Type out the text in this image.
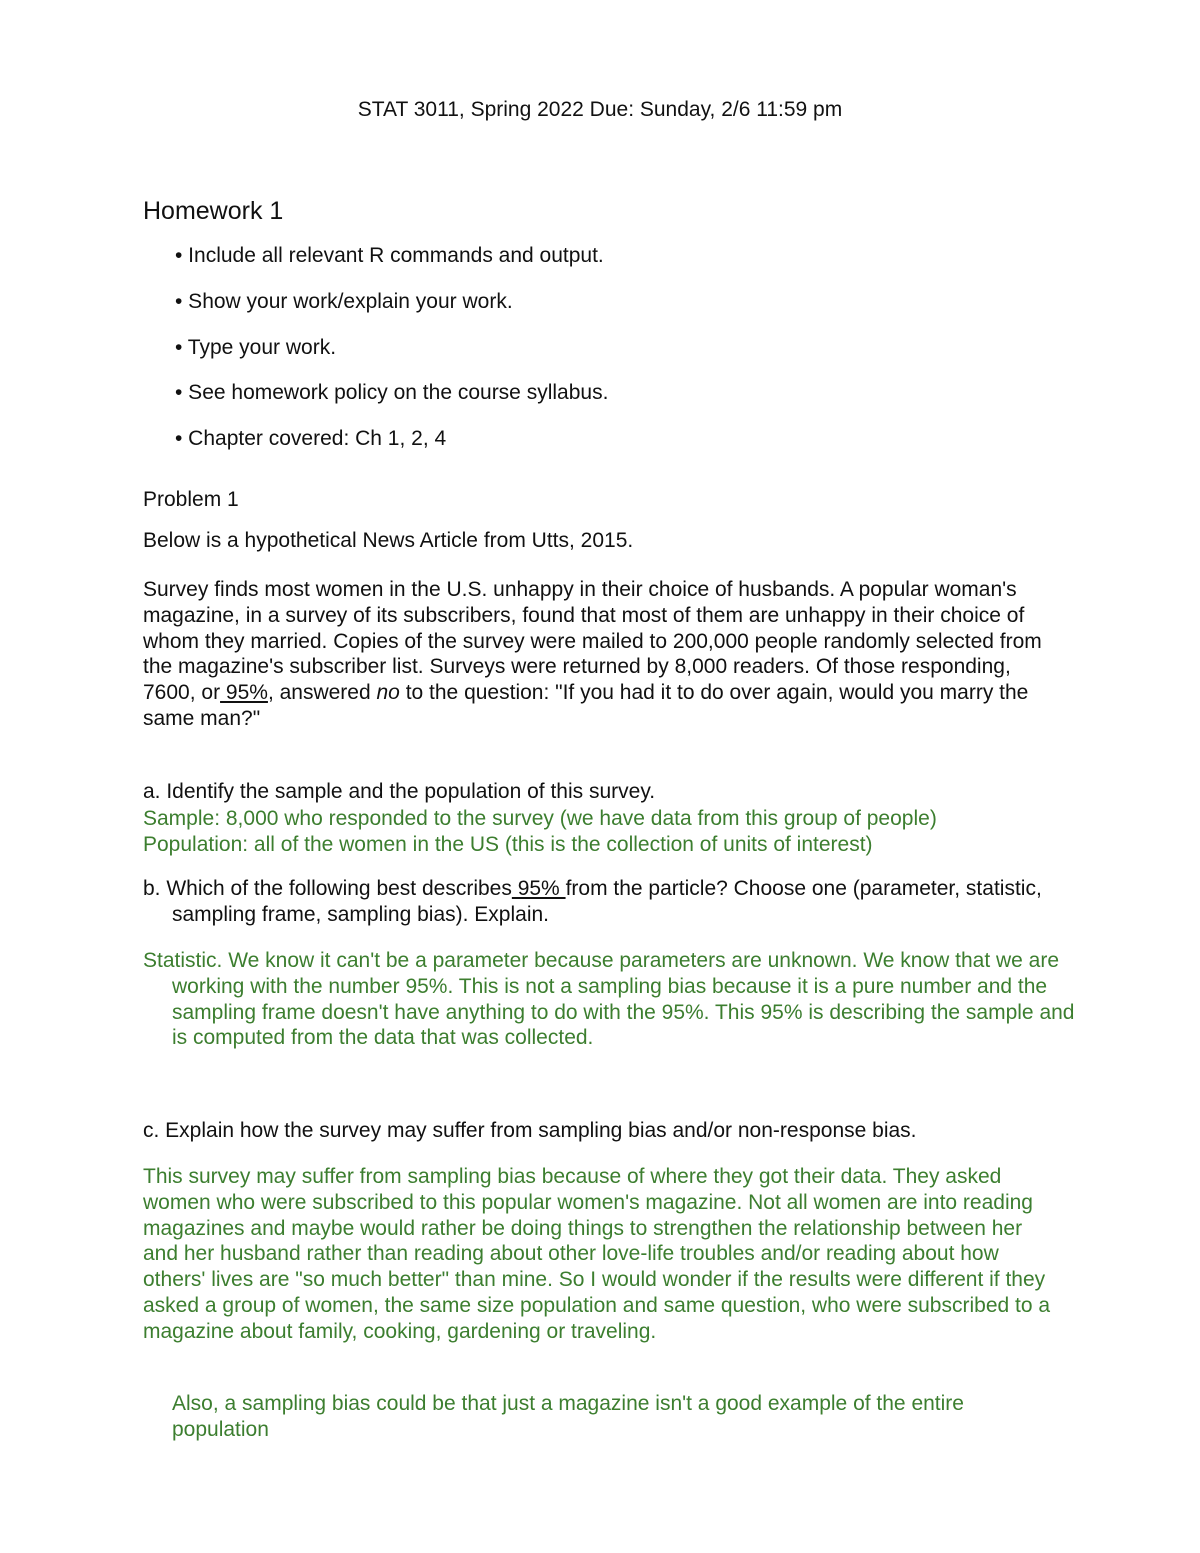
STAT 3011, Spring 2022 Due: Sunday, 2/6 11:59 pm
Homework 1
• Include all relevant R commands and output.
• Show your work/explain your work.
• Type your work.
• See homework policy on the course syllabus.
• Chapter covered: Ch 1, 2, 4
Problem 1
Below is a hypothetical News Article from Utts, 2015.
Survey finds most women in the U.S. unhappy in their choice of husbands. A popular woman's magazine, in a survey of its subscribers, found that most of them are unhappy in their choice of whom they married. Copies of the survey were mailed to 200,000 people randomly selected from the magazine's subscriber list. Surveys were returned by 8,000 readers. Of those responding, 7600, or 95%, answered no to the question: "If you had it to do over again, would you marry the same man?"
a. Identify the sample and the population of this survey.
Sample: 8,000 who responded to the survey (we have data from this group of people)
Population: all of the women in the US (this is the collection of units of interest)
b. Which of the following best describes 95% from the particle? Choose one (parameter, statistic, sampling frame, sampling bias). Explain.
Statistic. We know it can't be a parameter because parameters are unknown. We know that we are working with the number 95%. This is not a sampling bias because it is a pure number and the sampling frame doesn't have anything to do with the 95%. This 95% is describing the sample and is computed from the data that was collected.
c. Explain how the survey may suffer from sampling bias and/or non-response bias.
This survey may suffer from sampling bias because of where they got their data. They asked women who were subscribed to this popular women's magazine. Not all women are into reading magazines and maybe would rather be doing things to strengthen the relationship between her and her husband rather than reading about other love-life troubles and/or reading about how others' lives are "so much better" than mine. So I would wonder if the results were different if they asked a group of women, the same size population and same question, who were subscribed to a magazine about family, cooking, gardening or traveling.
Also, a sampling bias could be that just a magazine isn't a good example of the entire population
